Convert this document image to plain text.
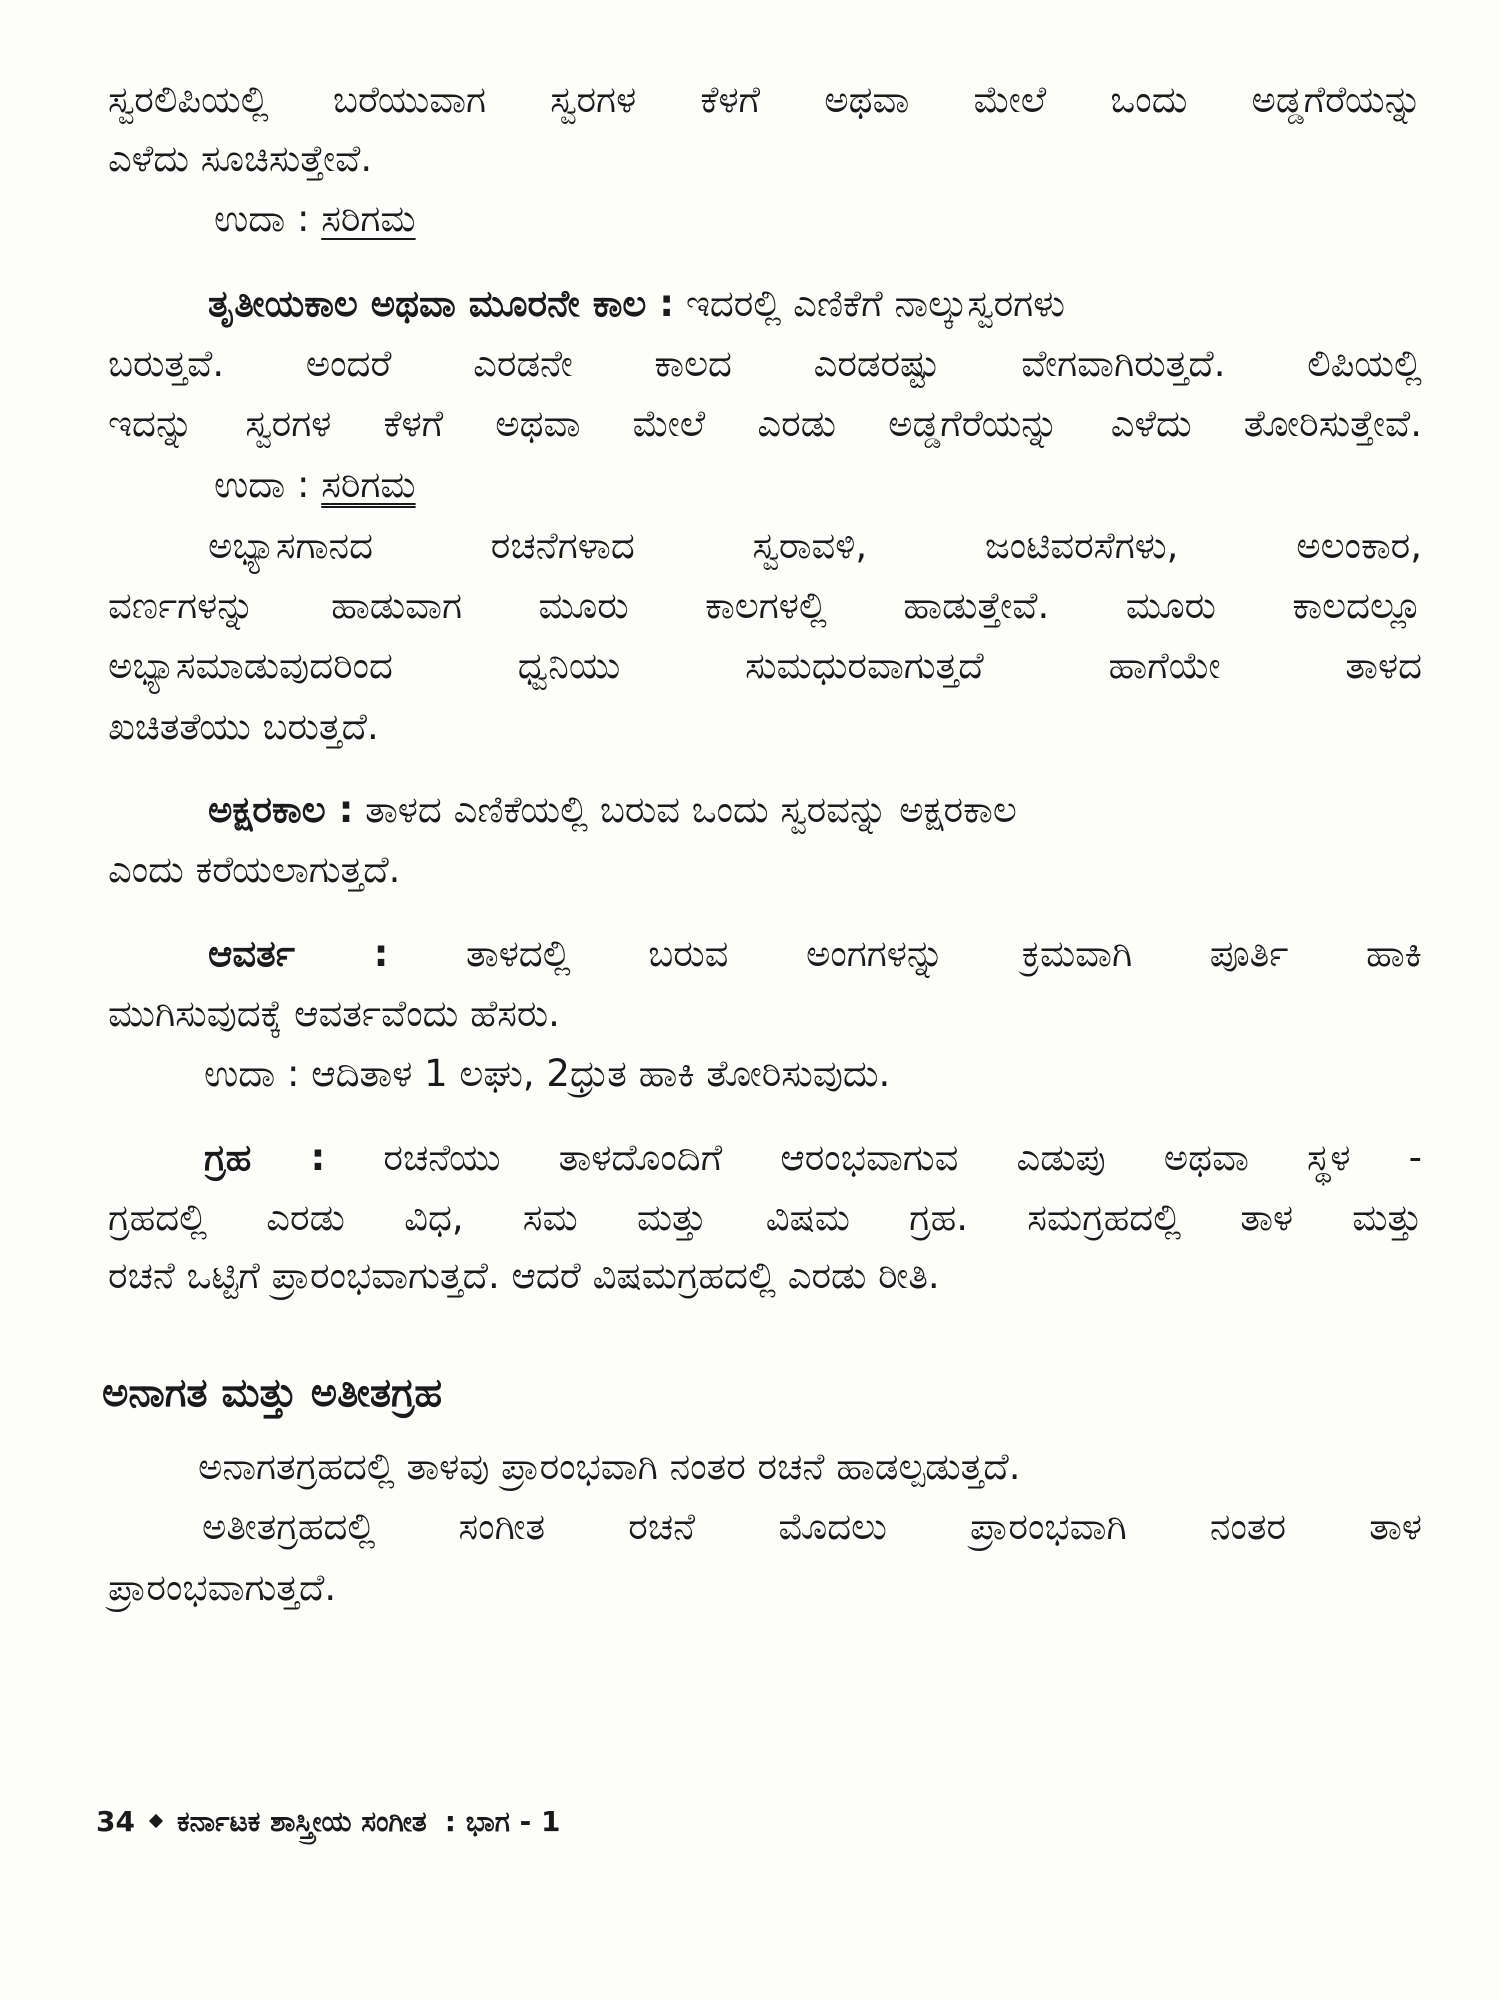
ಸ್ವರಲಿಪಿಯಲ್ಲಿ ಬರೆಯುವಾಗ ಸ್ವರಗಳ ಕೆಳಗೆ ಅಥವಾ ಮೇಲೆ ಒಂದು ಅಡ್ಡಗೆರೆಯನ್ನು
ಎಳೆದು ಸೂಚಿಸುತ್ತೇವೆ.
ಉದಾ : ಸರಿಗಮ
ತೃತೀಯಕಾಲ ಅಥವಾ ಮೂರನೇ ಕಾಲ : ಇದರಲ್ಲಿ ಎಣಿಕೆಗೆ ನಾಲ್ಕುಸ್ವರಗಳು
ಬರುತ್ತವೆ. ಅಂದರೆ ಎರಡನೇ ಕಾಲದ ಎರಡರಷ್ಟು ವೇಗವಾಗಿರುತ್ತದೆ. ಲಿಪಿಯಲ್ಲಿ
ಇದನ್ನು ಸ್ವರಗಳ ಕೆಳಗೆ ಅಥವಾ ಮೇಲೆ ಎರಡು ಅಡ್ಡಗೆರೆಯನ್ನು ಎಳೆದು ತೋರಿಸುತ್ತೇವೆ.
ಉದಾ : ಸರಿಗಮ
ಅಭ್ಯಾಸಗಾನದ ರಚನೆಗಳಾದ ಸ್ವರಾವಳಿ, ಜಂಟಿವರಸೆಗಳು, ಅಲಂಕಾರ,
ವರ್ಣಗಳನ್ನು ಹಾಡುವಾಗ ಮೂರು ಕಾಲಗಳಲ್ಲಿ ಹಾಡುತ್ತೇವೆ. ಮೂರು ಕಾಲದಲ್ಲೂ
ಅಭ್ಯಾಸಮಾಡುವುದರಿಂದ ಧ್ವನಿಯು ಸುಮಧುರವಾಗುತ್ತದೆ ಹಾಗೆಯೇ ತಾಳದ
ಖಚಿತತೆಯು ಬರುತ್ತದೆ.
ಅಕ್ಷರಕಾಲ : ತಾಳದ ಎಣಿಕೆಯಲ್ಲಿ ಬರುವ ಒಂದು ಸ್ವರವನ್ನು ಅಕ್ಷರಕಾಲ
ಎಂದು ಕರೆಯಲಾಗುತ್ತದೆ.
ಆವರ್ತ : ತಾಳದಲ್ಲಿ ಬರುವ ಅಂಗಗಳನ್ನು ಕ್ರಮವಾಗಿ ಪೂರ್ತಿ ಹಾಕಿ
ಮುಗಿಸುವುದಕ್ಕೆ ಆವರ್ತವೆಂದು ಹೆಸರು.
ಉದಾ : ಆದಿತಾಳ 1 ಲಘು, 2ಧ್ರುತ ಹಾಕಿ ತೋರಿಸುವುದು.
ಗ್ರಹ : ರಚನೆಯು ತಾಳದೊಂದಿಗೆ ಆರಂಭವಾಗುವ ಎಡುಪು ಅಥವಾ ಸ್ಥಳ -
ಗ್ರಹದಲ್ಲಿ ಎರಡು ವಿಧ, ಸಮ ಮತ್ತು ವಿಷಮ ಗ್ರಹ. ಸಮಗ್ರಹದಲ್ಲಿ ತಾಳ ಮತ್ತು
ರಚನೆ ಒಟ್ಟಿಗೆ ಪ್ರಾರಂಭವಾಗುತ್ತದೆ. ಆದರೆ ವಿಷಮಗ್ರಹದಲ್ಲಿ ಎರಡು ರೀತಿ.
ಅನಾಗತ ಮತ್ತು ಅತೀತಗ್ರಹ
ಅನಾಗತಗ್ರಹದಲ್ಲಿ ತಾಳವು ಪ್ರಾರಂಭವಾಗಿ ನಂತರ ರಚನೆ ಹಾಡಲ್ಪಡುತ್ತದೆ.
ಅತೀತಗ್ರಹದಲ್ಲಿ ಸಂಗೀತ ರಚನೆ ಮೊದಲು ಪ್ರಾರಂಭವಾಗಿ ನಂತರ ತಾಳ
ಪ್ರಾರಂಭವಾಗುತ್ತದೆ.
34 ಕರ್ನಾಟಕ ಶಾಸ್ತ್ರೀಯ ಸಂಗೀತ : ಭಾಗ - 1
